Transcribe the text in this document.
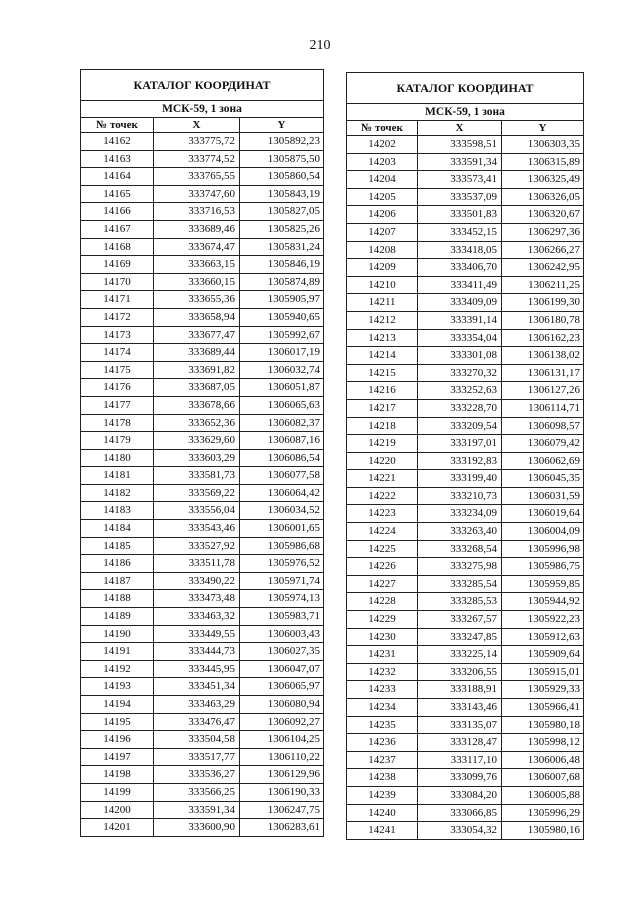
210
КАТАЛОГ КООРДИНАТ		
МСК-59, 1 зона		
№ точек	X	Y
14162	333775,72	1305892,23
14163	333774,52	1305875,50
14164	333765,55	1305860,54
14165	333747,60	1305843,19
14166	333716,53	1305827,05
14167	333689,46	1305825,26
14168	333674,47	1305831,24
14169	333663,15	1305846,19
14170	333660,15	1305874,89
14171	333655,36	1305905,97
14172	333658,94	1305940,65
14173	333677,47	1305992,67
14174	333689,44	1306017,19
14175	333691,82	1306032,74
14176	333687,05	1306051,87
14177	333678,66	1306065,63
14178	333652,36	1306082,37
14179	333629,60	1306087,16
14180	333603,29	1306086,54
14181	333581,73	1306077,58
14182	333569,22	1306064,42
14183	333556,04	1306034,52
14184	333543,46	1306001,65
14185	333527,92	1305986,68
14186	333511,78	1305976,52
14187	333490,22	1305971,74
14188	333473,48	1305974,13
14189	333463,32	1305983,71
14190	333449,55	1306003,43
14191	333444,73	1306027,35
14192	333445,95	1306047,07
14193	333451,34	1306065,97
14194	333463,29	1306080,94
14195	333476,47	1306092,27
14196	333504,58	1306104,25
14197	333517,77	1306110,22
14198	333536,27	1306129,96
14199	333566,25	1306190,33
14200	333591,34	1306247,75
14201	333600,90	1306283,61
КАТАЛОГ КООРДИНАТ		
МСК-59, 1 зона		
№ точек	X	Y
14202	333598,51	1306303,35
14203	333591,34	1306315,89
14204	333573,41	1306325,49
14205	333537,09	1306326,05
14206	333501,83	1306320,67
14207	333452,15	1306297,36
14208	333418,05	1306266,27
14209	333406,70	1306242,95
14210	333411,49	1306211,25
14211	333409,09	1306199,30
14212	333391,14	1306180,78
14213	333354,04	1306162,23
14214	333301,08	1306138,02
14215	333270,32	1306131,17
14216	333252,63	1306127,26
14217	333228,70	1306114,71
14218	333209,54	1306098,57
14219	333197,01	1306079,42
14220	333192,83	1306062,69
14221	333199,40	1306045,35
14222	333210,73	1306031,59
14223	333234,09	1306019,64
14224	333263,40	1306004,09
14225	333268,54	1305996,98
14226	333275,98	1305986,75
14227	333285,54	1305959,85
14228	333285,53	1305944,92
14229	333267,57	1305922,23
14230	333247,85	1305912,63
14231	333225,14	1305909,64
14232	333206,55	1305915,01
14233	333188,91	1305929,33
14234	333143,46	1305966,41
14235	333135,07	1305980,18
14236	333128,47	1305998,12
14237	333117,10	1306006,48
14238	333099,76	1306007,68
14239	333084,20	1306005,88
14240	333066,85	1305996,29
14241	333054,32	1305980,16
